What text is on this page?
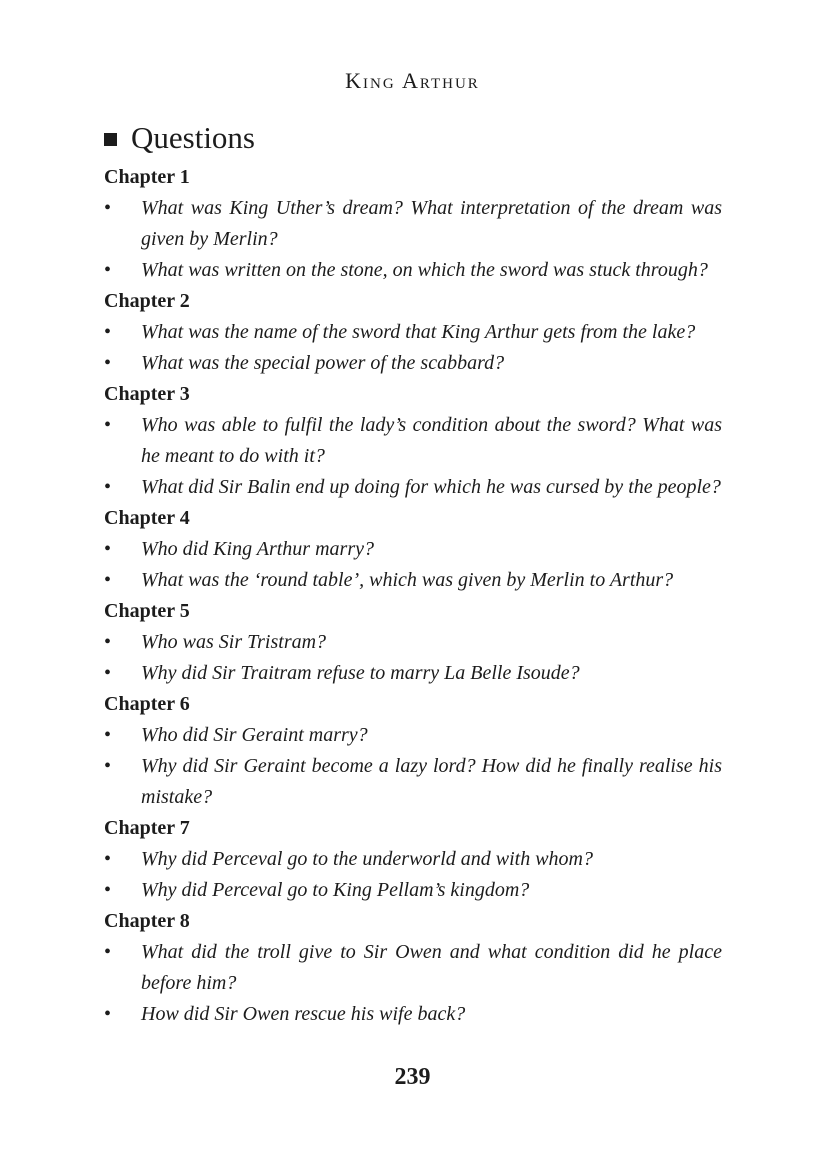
King Arthur
Questions
Chapter 1
• What was King Uther’s dream? What interpretation of the dream was given by Merlin?
• What was written on the stone, on which the sword was stuck through?
Chapter 2
• What was the name of the sword that King Arthur gets from the lake?
• What was the special power of the scabbard?
Chapter 3
• Who was able to fulfil the lady’s condition about the sword? What was he meant to do with it?
• What did Sir Balin end up doing for which he was cursed by the people?
Chapter 4
• Who did King Arthur marry?
• What was the ‘round table’, which was given by Merlin to Arthur?
Chapter 5
• Who was Sir Tristram?
• Why did Sir Traitram refuse to marry La Belle Isoude?
Chapter 6
• Who did Sir Geraint marry?
• Why did Sir Geraint become a lazy lord? How did he finally realise his mistake?
Chapter 7
• Why did Perceval go to the underworld and with whom?
• Why did Perceval go to King Pellam’s kingdom?
Chapter 8
• What did the troll give to Sir Owen and what condition did he place before him?
• How did Sir Owen rescue his wife back?
239
